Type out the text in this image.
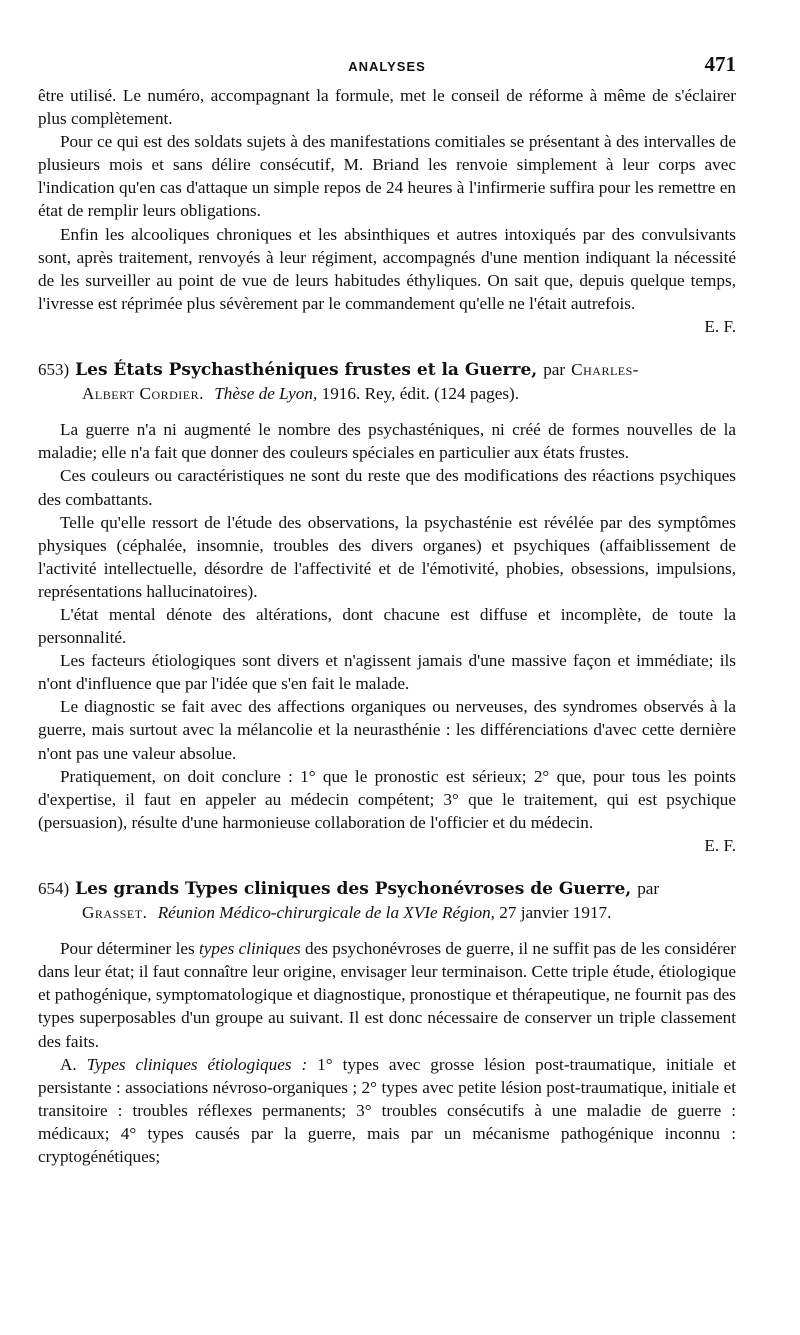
ANALYSES	471

être utilisé. Le numéro, accompagnant la formule, met le conseil de réforme à même de s'éclairer plus complètement.

Pour ce qui est des soldats sujets à des manifestations comitiales se présentant à des intervalles de plusieurs mois et sans délire consécutif, M. Briand les renvoie simplement à leur corps avec l'indication qu'en cas d'attaque un simple repos de 24 heures à l'infirmerie suffira pour les remettre en état de remplir leurs obligations.

Enfin les alcooliques chroniques et les absinthiques et autres intoxiqués par des convulsivants sont, après traitement, renvoyés à leur régiment, accompagnés d'une mention indiquant la nécessité de les surveiller au point de vue de leurs habitudes éthyliques. On sait que, depuis quelque temps, l'ivresse est réprimée plus sévèrement par le commandement qu'elle ne l'était autrefois.

E. F.
653) Les États Psychasthéniques frustes et la Guerre, par Charles-
Albert Cordier. Thèse de Lyon, 1916. Rey, édit. (124 pages).

La guerre n'a ni augmenté le nombre des psychasténiques, ni créé de formes nouvelles de la maladie; elle n'a fait que donner des couleurs spéciales en particulier aux états frustes.

Ces couleurs ou caractéristiques ne sont du reste que des modifications des réactions psychiques des combattants.

Telle qu'elle ressort de l'étude des observations, la psychasténie est révélée par des symptômes physiques (céphalée, insomnie, troubles des divers organes) et psychiques (affaiblissement de l'activité intellectuelle, désordre de l'affectivité et de l'émotivité, phobies, obsessions, impulsions, représentations hallucinatoires).

L'état mental dénote des altérations, dont chacune est diffuse et incomplète, de toute la personnalité.

Les facteurs étiologiques sont divers et n'agissent jamais d'une massive façon et immédiate; ils n'ont d'influence que par l'idée que s'en fait le malade.

Le diagnostic se fait avec des affections organiques ou nerveuses, des syndromes observés à la guerre, mais surtout avec la mélancolie et la neurasthénie : les différenciations d'avec cette dernière n'ont pas une valeur absolue.

Pratiquement, on doit conclure : 1° que le pronostic est sérieux; 2° que, pour tous les points d'expertise, il faut en appeler au médecin compétent; 3° que le traitement, qui est psychique (persuasion), résulte d'une harmonieuse collaboration de l'officier et du médecin.

E. F.
654) Les grands Types cliniques des Psychonévroses de Guerre, par
Grasset. Réunion Médico-chirurgicale de la XVIe Région, 27 janvier 1917.

Pour déterminer les types cliniques des psychonévroses de guerre, il ne suffit pas de les considérer dans leur état; il faut connaître leur origine, envisager leur terminaison. Cette triple étude, étiologique et pathogénique, symptomatologique et diagnostique, pronostique et thérapeutique, ne fournit pas des types superposables d'un groupe au suivant. Il est donc nécessaire de conserver un triple classement des faits.

A. Types cliniques étiologiques : 1° types avec grosse lésion post-traumatique, initiale et persistante : associations névroso-organiques ; 2° types avec petite lésion post-traumatique, initiale et transitoire : troubles réflexes permanents; 3° troubles consécutifs à une maladie de guerre : médicaux; 4° types causés par la guerre, mais par un mécanisme pathogénique inconnu : cryptogénétiques;
